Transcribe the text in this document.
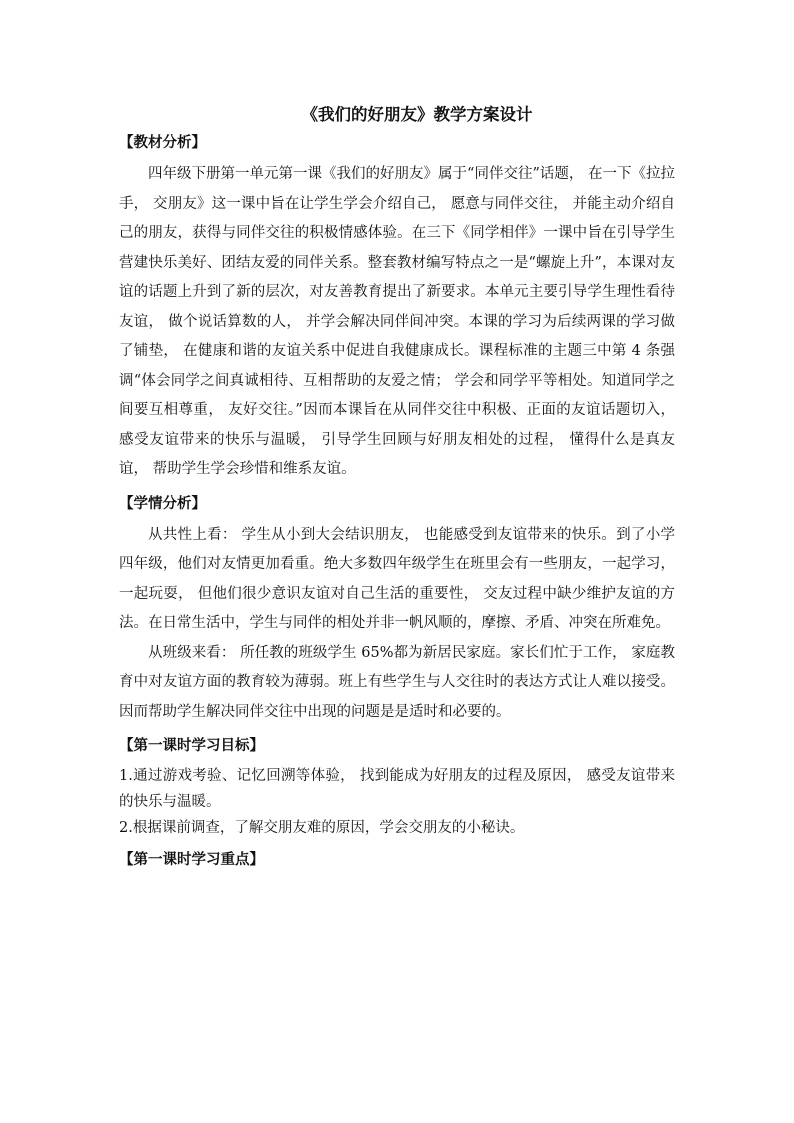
《我们的好朋友》教学方案设计
【教材分析】

四年级下册第一单元第一课《我们的好朋友》属于“同伴交往”话题， 在一下《拉拉手， 交朋友》这一课中旨在让学生学会介绍自己， 愿意与同伴交往， 并能主动介绍自己的朋友，获得与同伴交往的积极情感体验。在三下《同学相伴》一课中旨在引导学生营建快乐美好、团结友爱的同伴关系。整套教材编写特点之一是“螺旋上升”，本课对友谊的话题上升到了新的层次，对友善教育提出了新要求。本单元主要引导学生理性看待友谊， 做个说话算数的人， 并学会解决同伴间冲突。本课的学习为后续两课的学习做了铺垫， 在健康和谐的友谊关系中促进自我健康成长。课程标准的主题三中第 4 条强调“体会同学之间真诚相待、互相帮助的友爱之情； 学会和同学平等相处。知道同学之间要互相尊重， 友好交往。”因而本课旨在从同伴交往中积极、正面的友谊话题切入， 感受友谊带来的快乐与温暖， 引导学生回顾与好朋友相处的过程， 懂得什么是真友谊， 帮助学生学会珍惜和维系友谊。

【学情分析】

从共性上看： 学生从小到大会结识朋友， 也能感受到友谊带来的快乐。到了小学四年级，他们对友情更加看重。绝大多数四年级学生在班里会有一些朋友，一起学习， 一起玩耍， 但他们很少意识友谊对自己生活的重要性， 交友过程中缺少维护友谊的方法。在日常生活中，学生与同伴的相处并非一帆风顺的，摩擦、矛盾、冲突在所难免。

从班级来看： 所任教的班级学生 65%都为新居民家庭。家长们忙于工作， 家庭教育中对友谊方面的教育较为薄弱。班上有些学生与人交往时的表达方式让人难以接受。因而帮助学生解决同伴交往中出现的问题是是适时和必要的。

【第一课时学习目标】

1.通过游戏考验、记忆回溯等体验， 找到能成为好朋友的过程及原因， 感受友谊带来的快乐与温暖。

2.根据课前调查，了解交朋友难的原因，学会交朋友的小秘诀。

【第一课时学习重点】
